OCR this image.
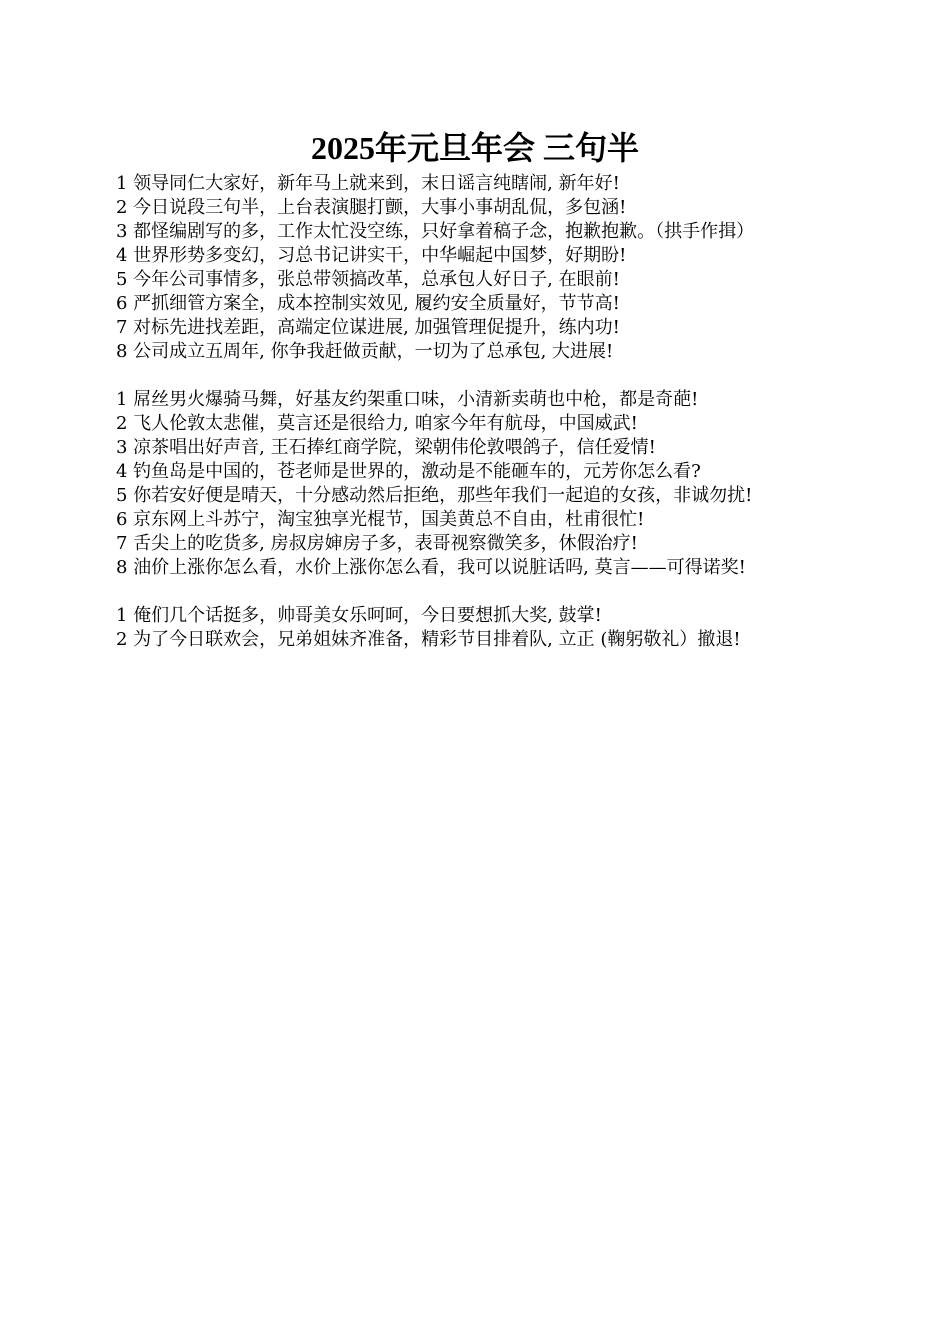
2025年元旦年会 三句半

1 领导同仁大家好，新年马上就来到，末日谣言纯瞎闹, 新年好!

2 今日说段三句半，上台表演腿打颤，大事小事胡乱侃，多包涵!

3 都怪编剧写的多，工作太忙没空练，只好拿着稿子念，抱歉抱歉。（拱手作揖）

4 世界形势多变幻，习总书记讲实干，中华崛起中国梦，好期盼!

5 今年公司事情多，张总带领搞改革，总承包人好日子, 在眼前!

6 严抓细管方案全，成本控制实效见, 履约安全质量好，节节高!

7 对标先进找差距，高端定位谋进展, 加强管理促提升，练内功!

8 公司成立五周年, 你争我赶做贡献，一切为了总承包, 大进展!

1 屌丝男火爆骑马舞，好基友约架重口味，小清新卖萌也中枪，都是奇葩!

2 飞人伦敦太悲催，莫言还是很给力, 咱家今年有航母，中国威武!

3 凉茶唱出好声音, 王石捧红商学院，梁朝伟伦敦喂鸽子，信任爱情!

4 钓鱼岛是中国的，苍老师是世界的，激动是不能砸车的，元芳你怎么看?

5 你若安好便是晴天，十分感动然后拒绝，那些年我们一起追的女孩，非诚勿扰!

6 京东网上斗苏宁，淘宝独享光棍节，国美黄总不自由，杜甫很忙!

7 舌尖上的吃货多, 房叔房婶房子多，表哥视察微笑多，休假治疗!

8 油价上涨你怎么看，水价上涨你怎么看，我可以说脏话吗, 莫言——可得诺奖!

1 俺们几个话挺多，帅哥美女乐呵呵，今日要想抓大奖, 鼓掌!

2 为了今日联欢会，兄弟姐妹齐准备，精彩节目排着队, 立正 (鞠躬敬礼）撤退!
